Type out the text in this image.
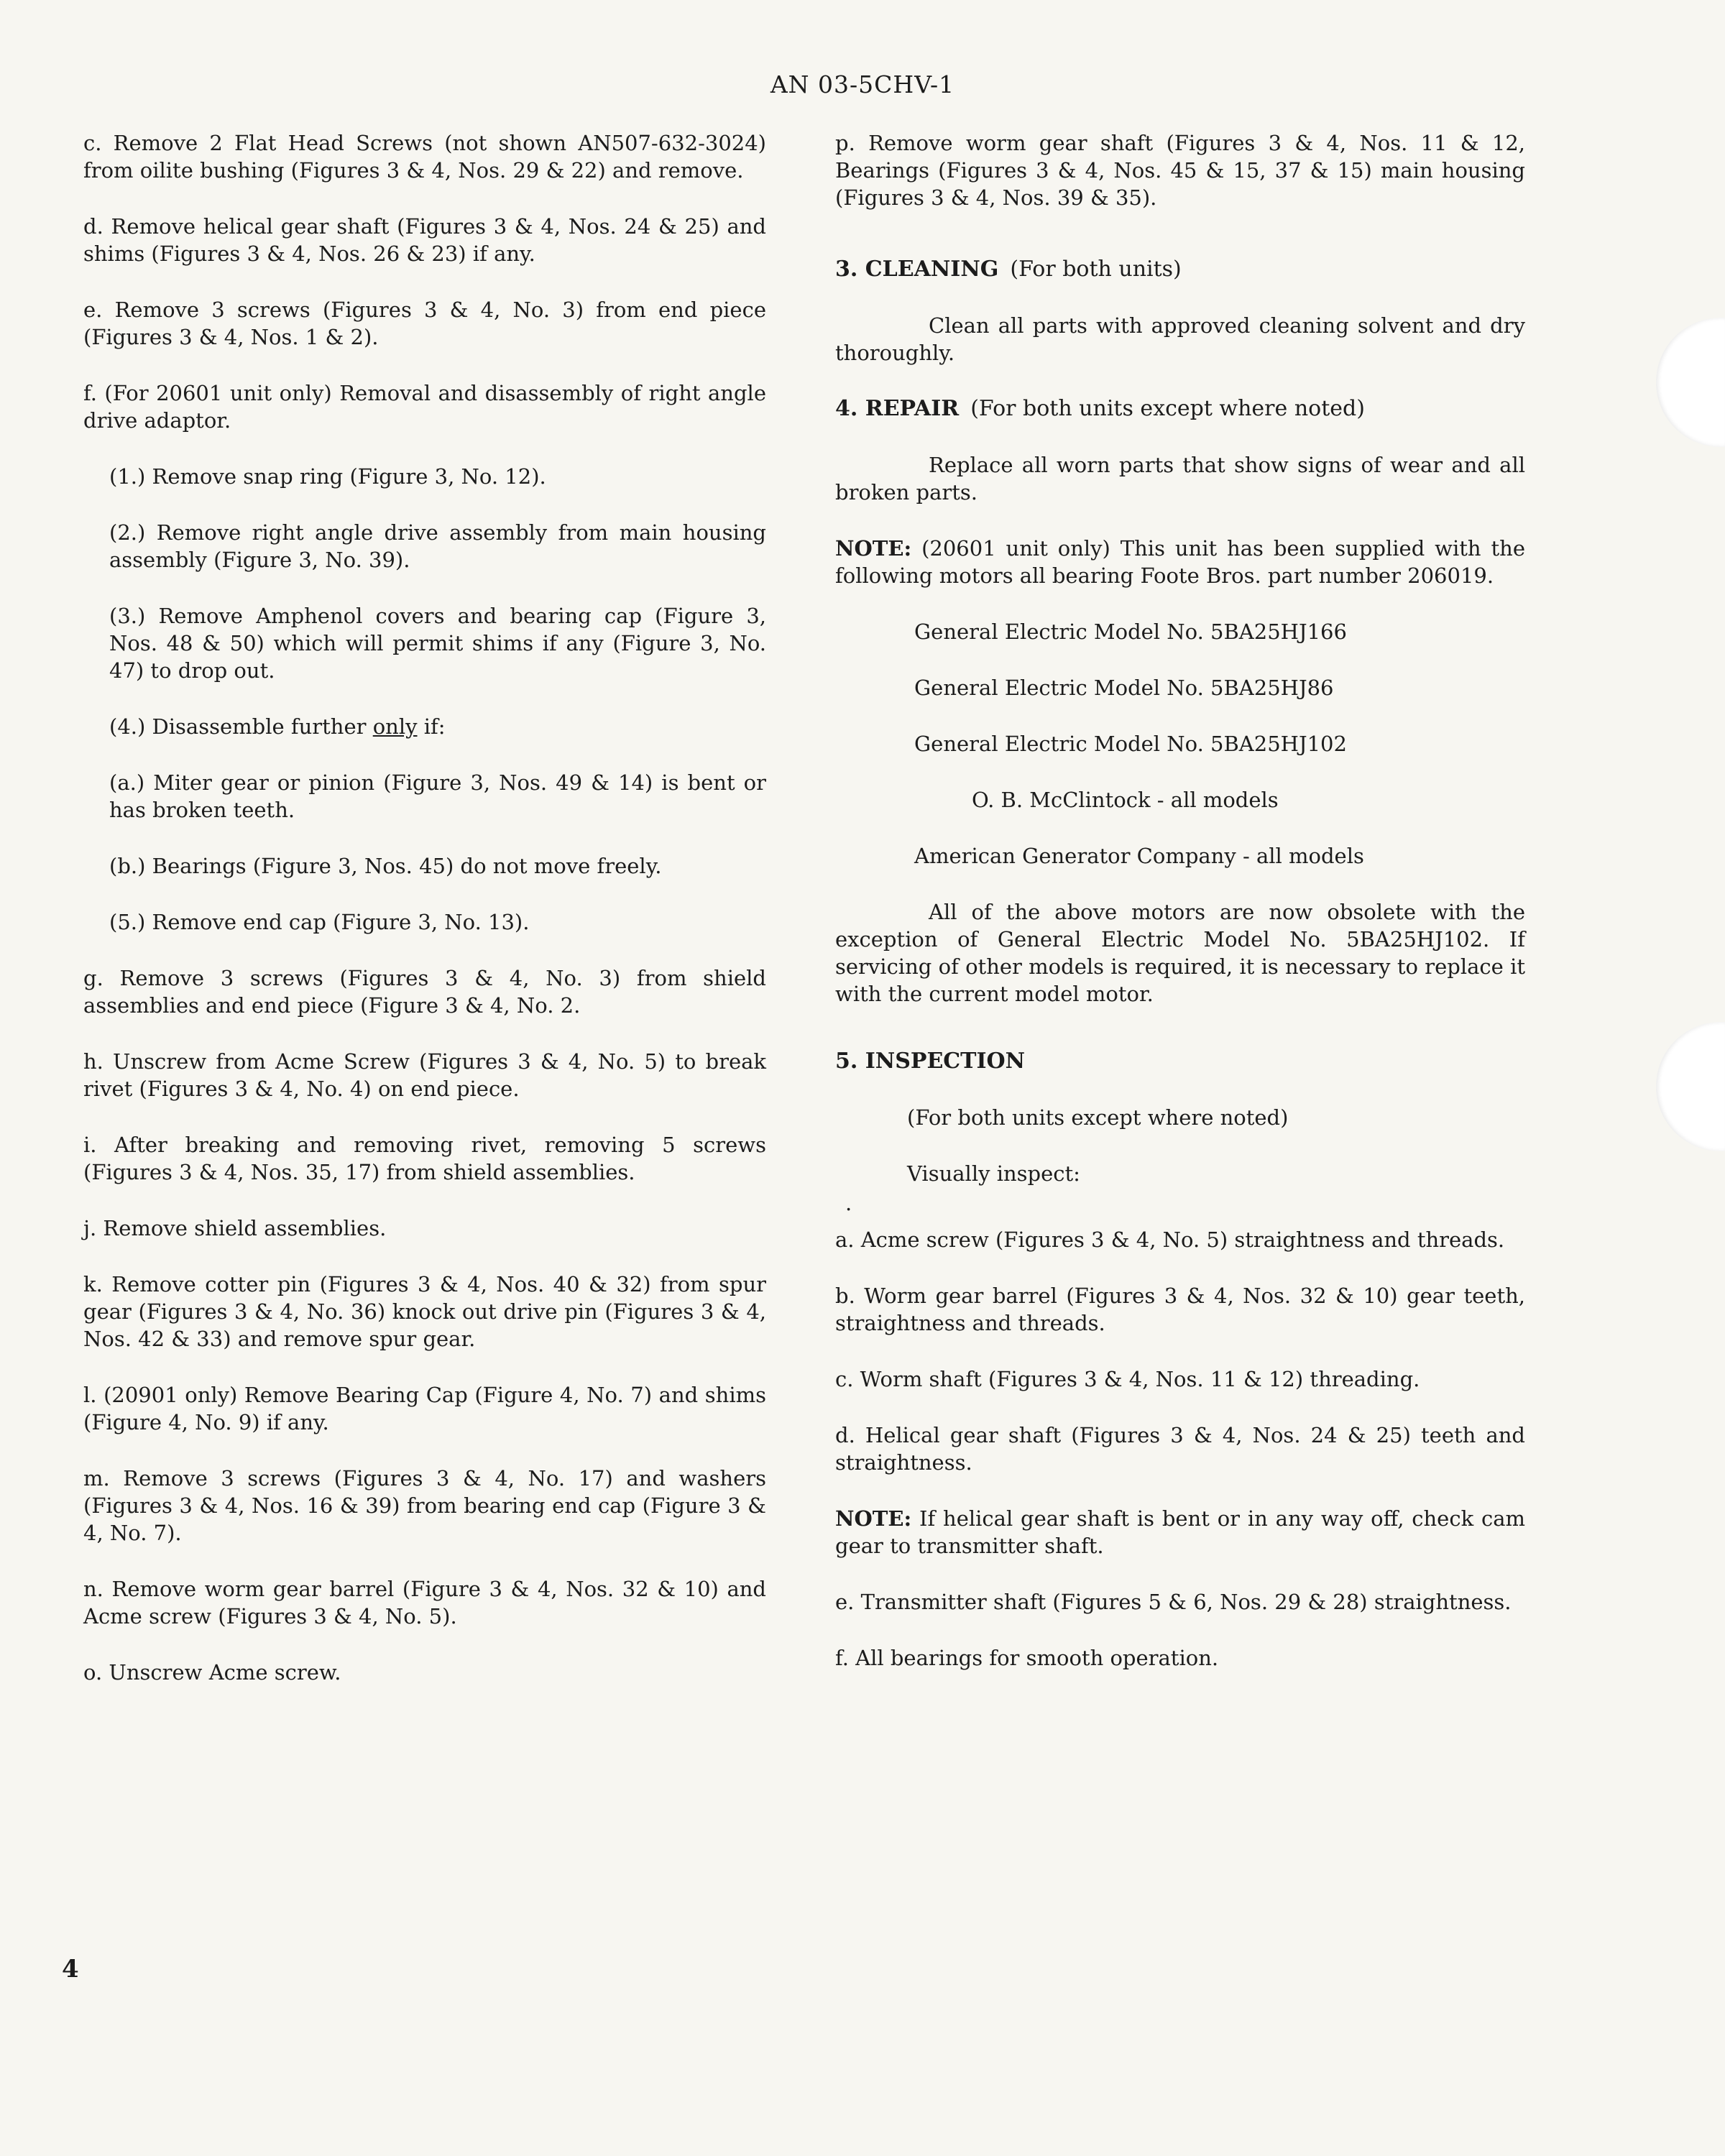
AN 03-5CHV-1

c. Remove 2 Flat Head Screws (not shown AN507-632-3024) from oilite bushing (Figures 3 & 4, Nos. 29 & 22) and remove.

d. Remove helical gear shaft (Figures 3 & 4, Nos. 24 & 25) and shims (Figures 3 & 4, Nos. 26 & 23) if any.

e. Remove 3 screws (Figures 3 & 4, No. 3) from end piece (Figures 3 & 4, Nos. 1 & 2).

f. (For 20601 unit only) Removal and disassembly of right angle drive adaptor.

(1.) Remove snap ring (Figure 3, No. 12).

(2.) Remove right angle drive assembly from main housing assembly (Figure 3, No. 39).

(3.) Remove Amphenol covers and bearing cap (Figure 3, Nos. 48 & 50) which will permit shims if any (Figure 3, No. 47) to drop out.

(4.) Disassemble further only if:

(a.) Miter gear or pinion (Figure 3, Nos. 49 & 14) is bent or has broken teeth.

(b.) Bearings (Figure 3, Nos. 45) do not move freely.

(5.) Remove end cap (Figure 3, No. 13).

g. Remove 3 screws (Figures 3 & 4, No. 3) from shield assemblies and end piece (Figure 3 & 4, No. 2.

h. Unscrew from Acme Screw (Figures 3 & 4, No. 5) to break rivet (Figures 3 & 4, No. 4) on end piece.

i. After breaking and removing rivet, removing 5 screws (Figures 3 & 4, Nos. 35, 17) from shield assemblies.

j. Remove shield assemblies.

k. Remove cotter pin (Figures 3 & 4, Nos. 40 & 32) from spur gear (Figures 3 & 4, No. 36) knock out drive pin (Figures 3 & 4, Nos. 42 & 33) and remove spur gear.

l. (20901 only) Remove Bearing Cap (Figure 4, No. 7) and shims (Figure 4, No. 9) if any.

m. Remove 3 screws (Figures 3 & 4, No. 17) and washers (Figures 3 & 4, Nos. 16 & 39) from bearing end cap (Figure 3 & 4, No. 7).

n. Remove worm gear barrel (Figure 3 & 4, Nos. 32 & 10) and Acme screw (Figures 3 & 4, No. 5).

o. Unscrew Acme screw.

p. Remove worm gear shaft (Figures 3 & 4, Nos. 11 & 12, Bearings (Figures 3 & 4, Nos. 45 & 15, 37 & 15) main housing (Figures 3 & 4, Nos. 39 & 35).

3. CLEANING (For both units)

Clean all parts with approved cleaning solvent and dry thoroughly.

4. REPAIR (For both units except where noted)

Replace all worn parts that show signs of wear and all broken parts.

NOTE: (20601 unit only) This unit has been supplied with the following motors all bearing Foote Bros. part number 206019.

General Electric Model No. 5BA25HJ166

General Electric Model No. 5BA25HJ86

General Electric Model No. 5BA25HJ102

O. B. McClintock - all models

American Generator Company - all models

All of the above motors are now obsolete with the exception of General Electric Model No. 5BA25HJ102. If servicing of other models is required, it is necessary to replace it with the current model motor.

5. INSPECTION

(For both units except where noted)

Visually inspect:

.

a. Acme screw (Figures 3 & 4, No. 5) straightness and threads.

b. Worm gear barrel (Figures 3 & 4, Nos. 32 & 10) gear teeth, straightness and threads.

c. Worm shaft (Figures 3 & 4, Nos. 11 & 12) threading.

d. Helical gear shaft (Figures 3 & 4, Nos. 24 & 25) teeth and straightness.

NOTE: If helical gear shaft is bent or in any way off, check cam gear to transmitter shaft.

e. Transmitter shaft (Figures 5 & 6, Nos. 29 & 28) straightness.

f. All bearings for smooth operation.

4
